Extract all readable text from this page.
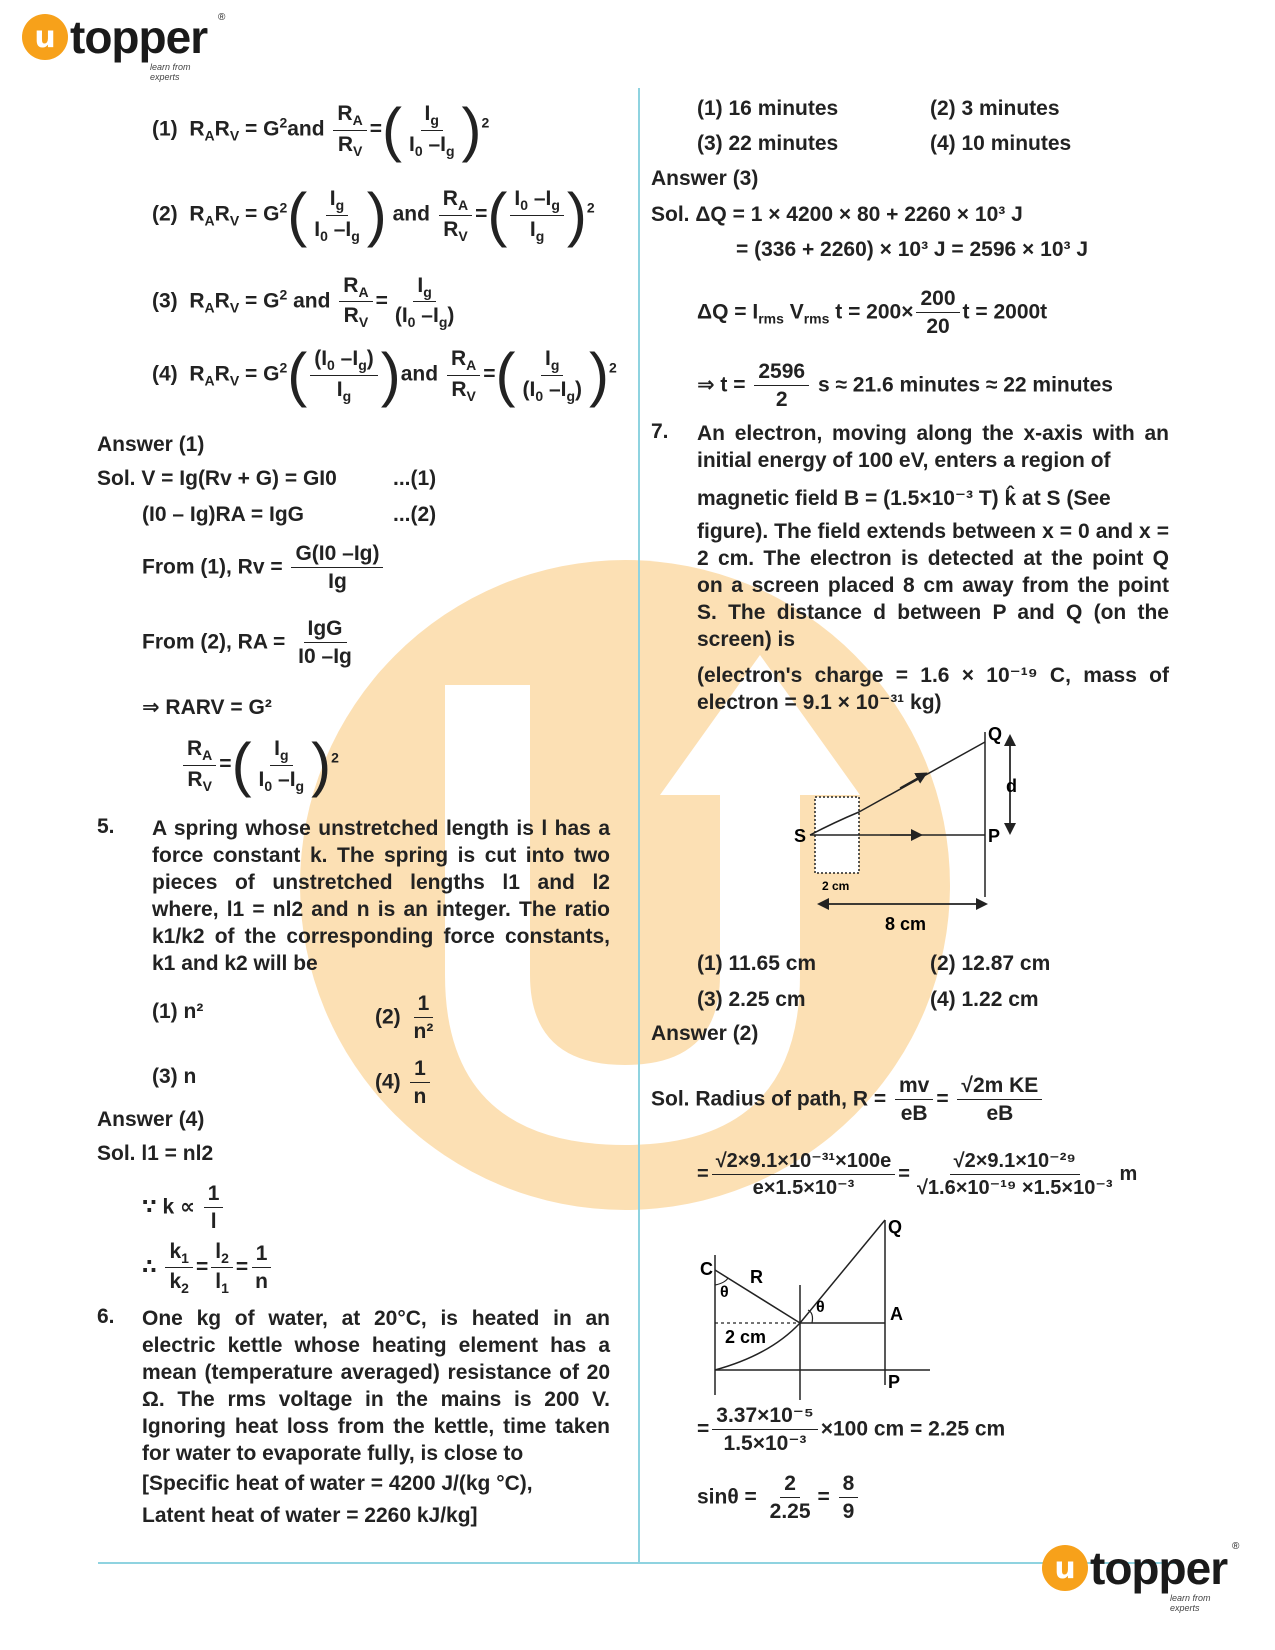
u topper
learn from experts
®
(1)  $R_AR_V = G^2and \frac{R_A}{R_V}$ =( $\frac{I_g}{I_0 -I_g} )^2$
(2)  $R_AR_V = G^2( \frac{I_g}{I_0 -I_g}$ ) and $\frac{R_A}{R_V}$ =( $\frac{I_0 -I_g}{I_g} )^2$
(3)  $R_AR_V = G^2$ and $\frac{R_A}{R_V} = \frac{I_g}{(I_0 -I_g)}$
(4)  $R_AR_V = G^2( \frac{(I_0 -I_g)}{I_g} )and \frac{R_A}{R_V}$ =( $\frac{I_g}{(I_0 -I_g)} )^2$
Answer (1)
Sol. V = Ig(Rv + G) = GI0	...(1)
(I0 – Ig)RA = IgG	...(2)
From (1), $Rv = \frac{G(I0 -Ig)}{Ig}$
From (2), RA = $\frac{\text{IgG}}{I0 -Ig}$
⇒ RARV = G²
$\frac{R_A}{R_V}$ =( $\frac{I_g}{I_0 -I_g} )^2$
5. A spring whose unstretched length is l has a force constant k. The spring is cut into two pieces of unstretched lengths l1 and l2 where, l1 = nl2 and n is an integer. The ratio k1/k2 of the corresponding force constants, k1 and k2 will be
(1) n²	$(2) \frac{1}{\text{n²}}$
(3) n	$(4) \frac{1}{n}$
Answer (4)
Sol. l1 = nl2
∵ $k \propto \frac{1}{l}$
∴ $\frac{k_1}{k_2} = \frac{l_2}{l_1} = \frac{1}{n}$
6. One kg of water, at 20°C, is heated in an electric kettle whose heating element has a mean (temperature averaged) resistance of 20 Ω. The rms voltage in the mains is 200 V. Ignoring heat loss from the kettle, time taken for water to evaporate fully, is close to
[Specific heat of water = 4200 J/(kg °C),
Latent heat of water = 2260 kJ/kg]
(1) 16 minutes	(2) 3 minutes
(3) 22 minutes	(4) 10 minutes
Answer (3)
Sol. ΔQ = 1 × 4200 × 80 + 2260 × 10³ J
= (336 + 2260) × 10³ J = 2596 × 10³ J
$\Delta Q = I_{rms}$ $V_{rms}$ $t = 200\times \frac{200}{20}$ t = 2000t
⇒ $t = \frac{2596}{2}$ s ≈ 21.6 minutes ≈ 22 minutes
7. An electron, moving along the x-axis with an initial energy of 100 eV, enters a region of
magnetic field B = (1.5×10⁻³ T) k̂ at S (See
figure). The field extends between x = 0 and x = 2 cm. The electron is detected at the point Q on a screen placed 8 cm away from the point S. The distance d between P and Q (on the screen) is
(electron's charge = 1.6 × 10⁻¹⁹ C, mass of electron = 9.1 × 10⁻³¹ kg)
Q
d
S	P
2 cm
8 cm
(1) 11.65 cm	(2) 12.87 cm
(3) 2.25 cm	(4) 1.22 cm
Answer (2)
Sol. Radius of path, $R = \frac{mv}{eB} = \frac{\text{√2m KE}}{eB}$
= $\frac{\text{√2×9.1×10⁻³¹×100e}}{\text{e×1.5×10⁻³}} = \frac{\text{√2×9.1×10⁻²⁹}}{\text{√1.6×10⁻¹⁹ ×1.5×10⁻³}}$ m
Q
C R
θ
θ
2 cm
A
P
= $\frac{\text{3.37×10⁻⁵}}{\text{1.5×10⁻³}} \times 100$ cm = 2.25 cm
$\sin\theta = \frac{2}{2.25} = \frac{8}{9}$
u topper
learn from experts
®
